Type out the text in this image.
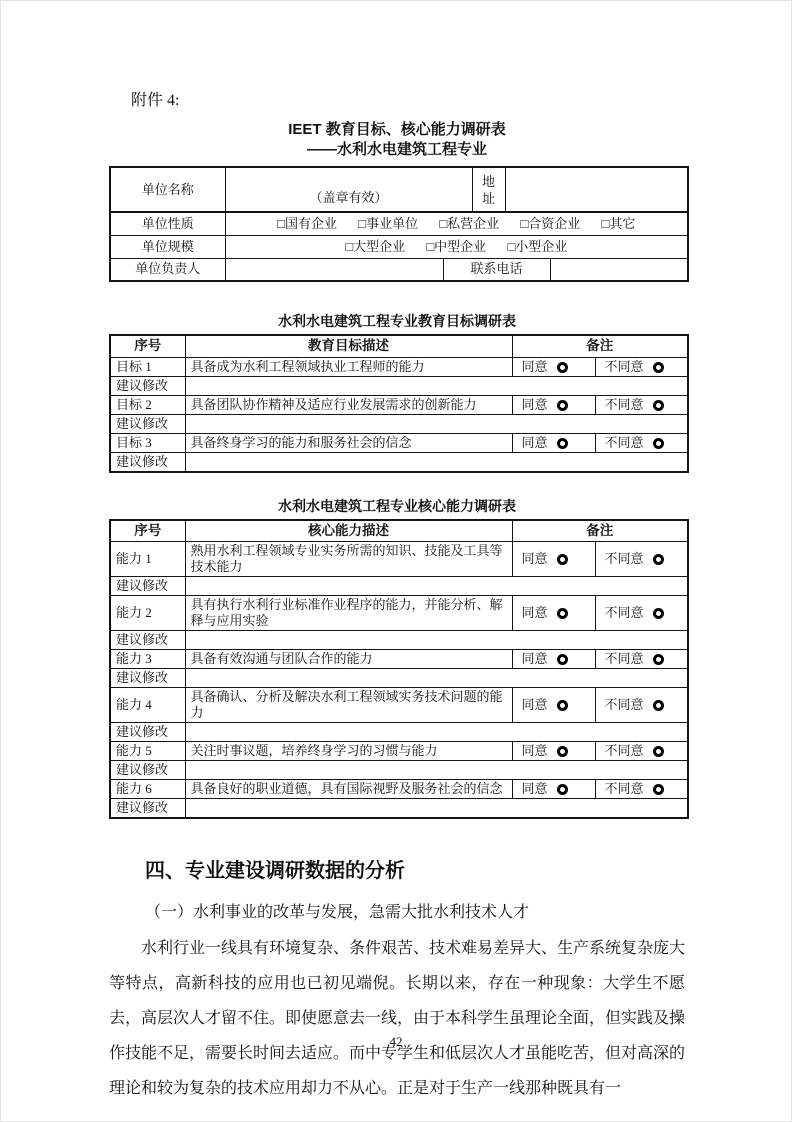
附件 4:
IEET 教育目标、核心能力调研表
——水利水电建筑工程专业
单位名称	（盖章有效）		地址		
单位性质	□国有企业 □事业单位 □私营企业 □合资企业 □其它				
单位规模	□大型企业 □中型企业 □小型企业				
单位负责人		联系电话			
水利水电建筑工程专业教育目标调研表
序号	教育目标描述	备注	
目标 1	具备成为水利工程领域执业工程师的能力	同意	不同意
建议修改			
目标 2	具备团队协作精神及适应行业发展需求的创新能力	同意	不同意
建议修改			
目标 3	具备终身学习的能力和服务社会的信念	同意	不同意
建议修改			
水利水电建筑工程专业核心能力调研表
序号	核心能力描述	备注	
能力 1	熟用水利工程领域专业实务所需的知识、技能及工具等技术能力	同意	不同意
建议修改			
能力 2	具有执行水利行业标准作业程序的能力，并能分析、解释与应用实验	同意	不同意
建议修改			
能力 3	具备有效沟通与团队合作的能力	同意	不同意
建议修改			
能力 4	具备确认、分析及解决水利工程领域实务技术问题的能力	同意	不同意
建议修改			
能力 5	关注时事议题，培养终身学习的习惯与能力	同意	不同意
建议修改			
能力 6	具备良好的职业道德，具有国际视野及服务社会的信念	同意	不同意
建议修改			
四、专业建设调研数据的分析
（一）水利事业的改革与发展，急需大批水利技术人才

水利行业一线具有环境复杂、条件艰苦、技术难易差异大、生产系统复杂庞大等特点，高新科技的应用也已初见端倪。长期以来，存在一种现象：大学生不愿去，高层次人才留不住。即使愿意去一线，由于本科学生虽理论全面，但实践及操作技能不足，需要长时间去适应。而中专学生和低层次人才虽能吃苦，但对高深的理论和较为复杂的技术应用却力不从心。正是对于生产一线那种既具有一

42
